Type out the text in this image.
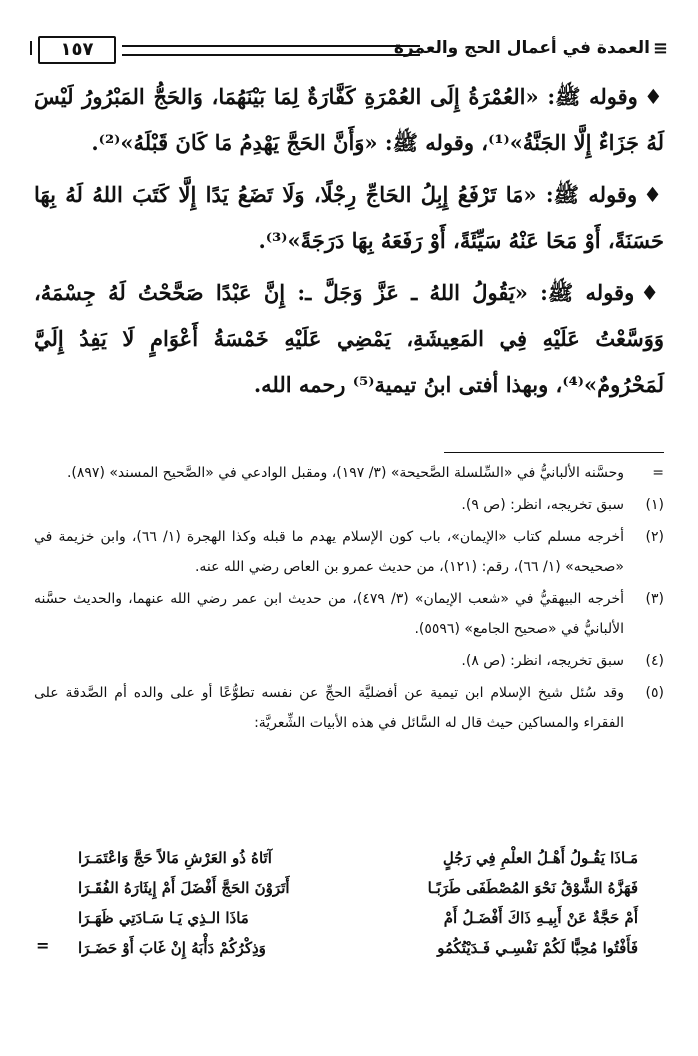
≡
العمدة في أعمال الحج والعمرة
١٥٧

♦وقوله ﷺ: «العُمْرَةُ إِلَى العُمْرَةِ كَفَّارَةٌ لِمَا بَيْنَهُمَا، وَالحَجُّ المَبْرُورُ لَيْسَ لَهُ جَزَاءٌ إِلَّا الجَنَّةُ»⁽¹⁾، وقوله ﷺ: «وَأَنَّ الحَجَّ يَهْدِمُ مَا كَانَ قَبْلَهُ»⁽²⁾.

♦وقوله ﷺ: «مَا تَرْفَعُ إِبِلُ الحَاجِّ رِجْلًا، وَلَا تَضَعُ يَدًا إِلَّا كَتَبَ اللهُ لَهُ بِهَا حَسَنَةً، أَوْ مَحَا عَنْهُ سَيِّئَةً، أَوْ رَفَعَهُ بِهَا دَرَجَةً»⁽³⁾.

♦وقوله ﷺ: «يَقُولُ اللهُ ـ عَزَّ وَجَلَّ ـ: إِنَّ عَبْدًا صَحَّحْتُ لَهُ جِسْمَهُ، وَوَسَّعْتُ عَلَيْهِ فِي المَعِيشَةِ، يَمْضِي عَلَيْهِ خَمْسَةُ أَعْوَامٍ لَا يَفِدُ إِلَيَّ لَمَحْرُومٌ»⁽⁴⁾، وبهذا أفتى ابنُ تيمية⁽⁵⁾ رحمه الله.

=
وحسَّنه الألبانيُّ في «السِّلسلة الصَّحيحة» (٣/ ١٩٧)، ومقبل الوادعي في «الصَّحيح المسند» (٨٩٧).
(١)
سبق تخريجه، انظر: (ص ٩).
(٢)
أخرجه مسلم كتاب «الإيمان»، باب كون الإسلام يهدم ما قبله وكذا الهجرة (١/ ٦٦)، وابن خزيمة في «صحيحه» (١/ ٦٦)، رقم: (١٢١)، من حديث عمرو بن العاص رضي الله عنه.
(٣)
أخرجه البيهقيُّ في «شعب الإيمان» (٣/ ٤٧٩)، من حديث ابن عمر رضي الله عنهما، والحديث حسَّنه الألبانيُّ في «صحيح الجامع» (٥٥٩٦).
(٤)
سبق تخريجه، انظر: (ص ٨).
(٥)
وقد سُئل شيخ الإسلام ابن تيمية عن أفضليَّة الحجِّ عن نفسه تطوُّعًا أو على والده أم الصَّدقة على الفقراء والمساكين حيث قال له السَّائل في هذه الأبيات الشِّعريَّة:
مَـاذَا يَقُـولُ أَهْـلُ العلْمِ فِي رَجُلٍ
آتَاهُ ذُو العَرْشِ مَالاً حَجَّ وَاعْتَمَـرَا
فَهَزَّهُ الشَّوْقُ نَحْوَ المُصْطَفَى طَرَبًـا
أَتَرَوْنَ الحَجَّ أَفْضَلَ أَمْ إِيثَارَهُ الفُقَـرَا
أَمْ حَجَّةٌ عَنْ أَبِيـهِ ذَاكَ أَفْضَـلُ أَمْ
مَاذَا الـذِي يَـا سَـادَتِي ظَهَـرَا
فَأَفْتُوا مُحِبًّا لَكُمْ نَفْسِـي فَـدَيْتُكُمُو
وَذِكْرُكُمْ دَأْبَهُ إِنْ غَابَ أَوْ حَضَـرَا
=
